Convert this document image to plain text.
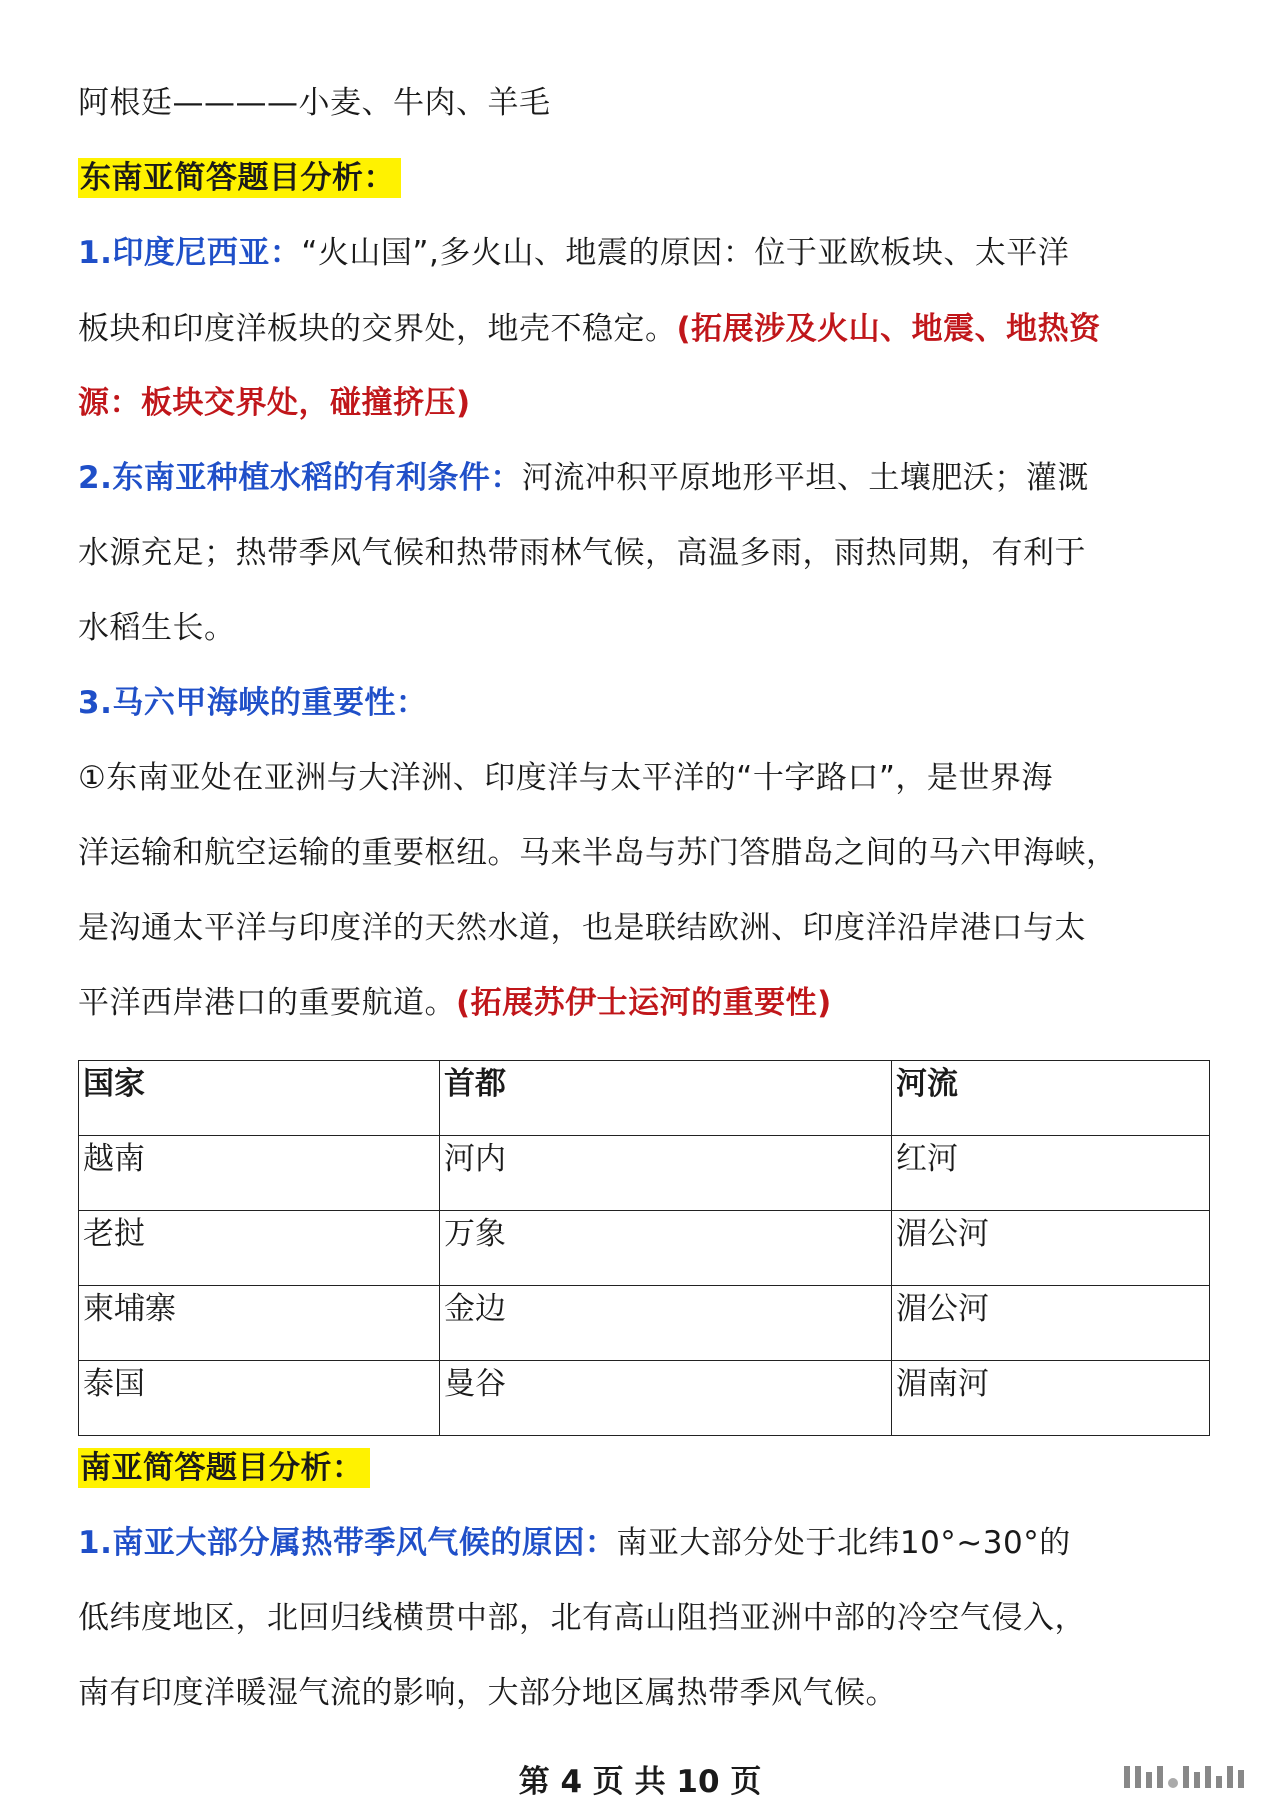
阿根廷————小麦、牛肉、羊毛
东南亚简答题目分析：
1.印度尼西亚：“火山国”,多火山、地震的原因：位于亚欧板块、太平洋
板块和印度洋板块的交界处，地壳不稳定。(拓展涉及火山、地震、地热资
源：板块交界处，碰撞挤压)
2.东南亚种植水稻的有利条件：河流冲积平原地形平坦、土壤肥沃；灌溉
水源充足；热带季风气候和热带雨林气候，高温多雨，雨热同期，有利于
水稻生长。
3.马六甲海峡的重要性：
①东南亚处在亚洲与大洋洲、印度洋与太平洋的“十字路口”，是世界海
洋运输和航空运输的重要枢纽。马来半岛与苏门答腊岛之间的马六甲海峡，
是沟通太平洋与印度洋的天然水道，也是联结欧洲、印度洋沿岸港口与太
平洋西岸港口的重要航道。(拓展苏伊士运河的重要性)
国家	首都	河流
越南	河内	红河
老挝	万象	湄公河
柬埔寨	金边	湄公河
泰国	曼谷	湄南河
南亚简答题目分析：
1.南亚大部分属热带季风气候的原因：南亚大部分处于北纬10°~30°的
低纬度地区，北回归线横贯中部，北有高山阻挡亚洲中部的冷空气侵入，
南有印度洋暖湿气流的影响，大部分地区属热带季风气候。
第 4 页 共 10 页
